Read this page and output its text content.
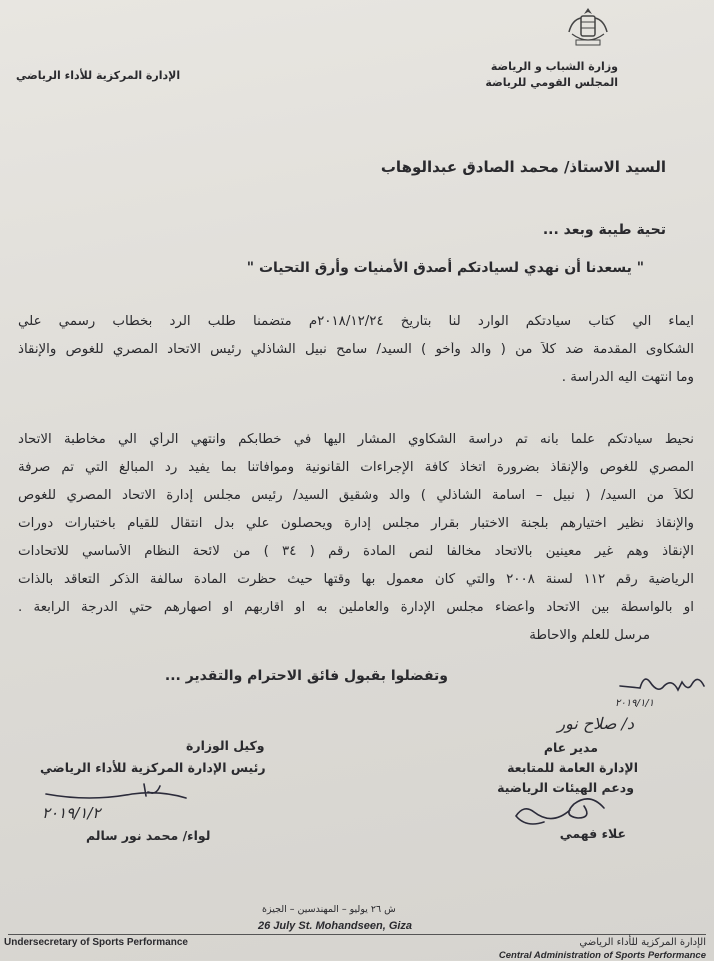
الإدارة المركزية للأداء الرياضي
وزارة الشباب و الرياضة
المجلس القومي للرياضة
السيد الاستاذ/ محمد الصادق عبدالوهاب
تحية طيبة وبعد ...
" يسعدنا أن نهدي لسيادتكم أصدق الأمنيات وأرق التحيات "
ايماء الي كتاب سيادتكم الوارد لنا بتاريخ ٢٠١٨/١٢/٢٤م متضمناً طلب الرد بخطاب رسمي علي
الشكاوى المقدمة ضد كلاً من ( والد وأخو ) السيد/ سامح نبيل الشاذلي رئيس الاتحاد المصري للغوص والإنقاذ
وما انتهت اليه الدراسة .
نحيط سيادتكم علماً بانه تم دراسة الشكاوي المشار اليها في خطابكم وانتهي الرأي الي مخاطبة الاتحاد
المصري للغوص والإنقاذ بضرورة اتخاذ كافة الإجراءات القانونية وموافاتنا بما يفيد رد المبالغ التي تم صرفة
لكلاً من السيد/ ( نبيل – اسامة الشاذلي ) والد وشقيق السيد/ رئيس مجلس إدارة الاتحاد المصري للغوص
والإنقاذ نظير اختيارهم بلجنة الاختبار بقرار مجلس إدارة ويحصلون علي بدل انتقال للقيام باختبارات دورات
الإنقاذ وهم غير معينين بالاتحاد مخالفاً لنص المادة رقم ( ٣٤ ) من لائحة النظام الأساسي للاتحادات
الرياضية رقم ١١٢ لسنة ٢٠٠٨ والتي كان معمول بها وقتها حيث حظرت المادة سالفة الذكر التعاقد بالذات
او بالواسطة بين الاتحاد وأعضاء مجلس الإدارة والعاملين به او أقاربهم او اصهارهم حتي الدرجة الرابعة .
مرسل للعلم والاحاطة
وتفضلوا بقبول فائق الاحترام والتقدير ...
٢٠١٩/١/١
د/ صلاح نور
مدير عام
الإدارة العامة للمتابعة
ودعم الهيئات الرياضية
علاء فهمي
وكيل الوزارة
رئيس الإدارة المركزية للأداء الرياضي
٢٠١٩/١/٢
لواء/ محمد نور سالم
ش ٢٦ يوليو – المهندسين – الجيزة
26 July St. Mohandseen, Giza
Undersecretary of Sports Performance	الإدارة المركزية للأداء الرياضي
Central Administration of Sports Performance
